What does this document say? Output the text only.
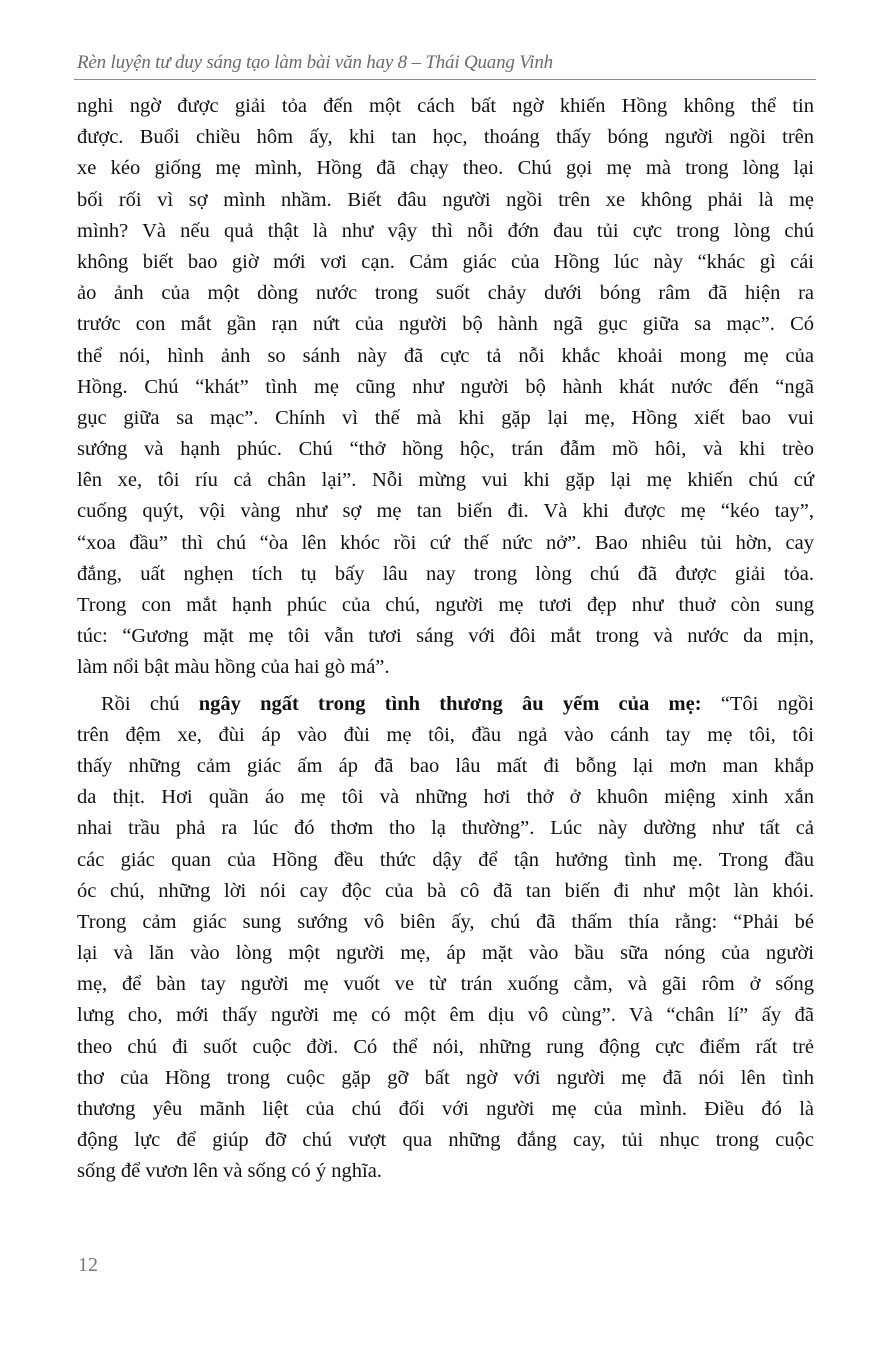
Rèn luyện tư duy sáng tạo làm bài văn hay 8 – Thái Quang Vinh
nghi ngờ được giải tỏa đến một cách bất ngờ khiến Hồng không thể tin
được. Buổi chiều hôm ấy, khi tan học, thoáng thấy bóng người ngồi trên
xe kéo giống mẹ mình, Hồng đã chạy theo. Chú gọi mẹ mà trong lòng lại
bối rối vì sợ mình nhầm. Biết đâu người ngồi trên xe không phải là mẹ
mình? Và nếu quả thật là như vậy thì nỗi đớn đau tủi cực trong lòng chú
không biết bao giờ mới vơi cạn. Cảm giác của Hồng lúc này “khác gì cái
ảo ảnh của một dòng nước trong suốt chảy dưới bóng râm đã hiện ra
trước con mắt gần rạn nứt của người bộ hành ngã gục giữa sa mạc”. Có
thể nói, hình ảnh so sánh này đã cực tả nỗi khắc khoải mong mẹ của
Hồng. Chú “khát” tình mẹ cũng như người bộ hành khát nước đến “ngã
gục giữa sa mạc”. Chính vì thế mà khi gặp lại mẹ, Hồng xiết bao vui
sướng và hạnh phúc. Chú “thở hồng hộc, trán đẫm mồ hôi, và khi trèo
lên xe, tôi ríu cả chân lại”. Nỗi mừng vui khi gặp lại mẹ khiến chú cứ
cuống quýt, vội vàng như sợ mẹ tan biến đi. Và khi được mẹ “kéo tay”,
“xoa đầu” thì chú “òa lên khóc rồi cứ thế nức nở”. Bao nhiêu tủi hờn, cay
đắng, uất nghẹn tích tụ bấy lâu nay trong lòng chú đã được giải tỏa.
Trong con mắt hạnh phúc của chú, người mẹ tươi đẹp như thuở còn sung
túc: “Gương mặt mẹ tôi vẫn tươi sáng với đôi mắt trong và nước da mịn,
làm nổi bật màu hồng của hai gò má”.
Rồi chú ngây ngất trong tình thương âu yếm của mẹ: “Tôi ngồi
trên đệm xe, đùi áp vào đùi mẹ tôi, đầu ngả vào cánh tay mẹ tôi, tôi
thấy những cảm giác ấm áp đã bao lâu mất đi bỗng lại mơn man khắp
da thịt. Hơi quần áo mẹ tôi và những hơi thở ở khuôn miệng xinh xắn
nhai trầu phả ra lúc đó thơm tho lạ thường”. Lúc này dường như tất cả
các giác quan của Hồng đều thức dậy để tận hưởng tình mẹ. Trong đầu
óc chú, những lời nói cay độc của bà cô đã tan biến đi như một làn khói.
Trong cảm giác sung sướng vô biên ấy, chú đã thấm thía rằng: “Phải bé
lại và lăn vào lòng một người mẹ, áp mặt vào bầu sữa nóng của người
mẹ, để bàn tay người mẹ vuốt ve từ trán xuống cằm, và gãi rôm ở sống
lưng cho, mới thấy người mẹ có một êm dịu vô cùng”. Và “chân lí” ấy đã
theo chú đi suốt cuộc đời. Có thể nói, những rung động cực điểm rất trẻ
thơ của Hồng trong cuộc gặp gỡ bất ngờ với người mẹ đã nói lên tình
thương yêu mãnh liệt của chú đối với người mẹ của mình. Điều đó là
động lực để giúp đỡ chú vượt qua những đắng cay, tủi nhục trong cuộc
sống để vươn lên và sống có ý nghĩa.
12
